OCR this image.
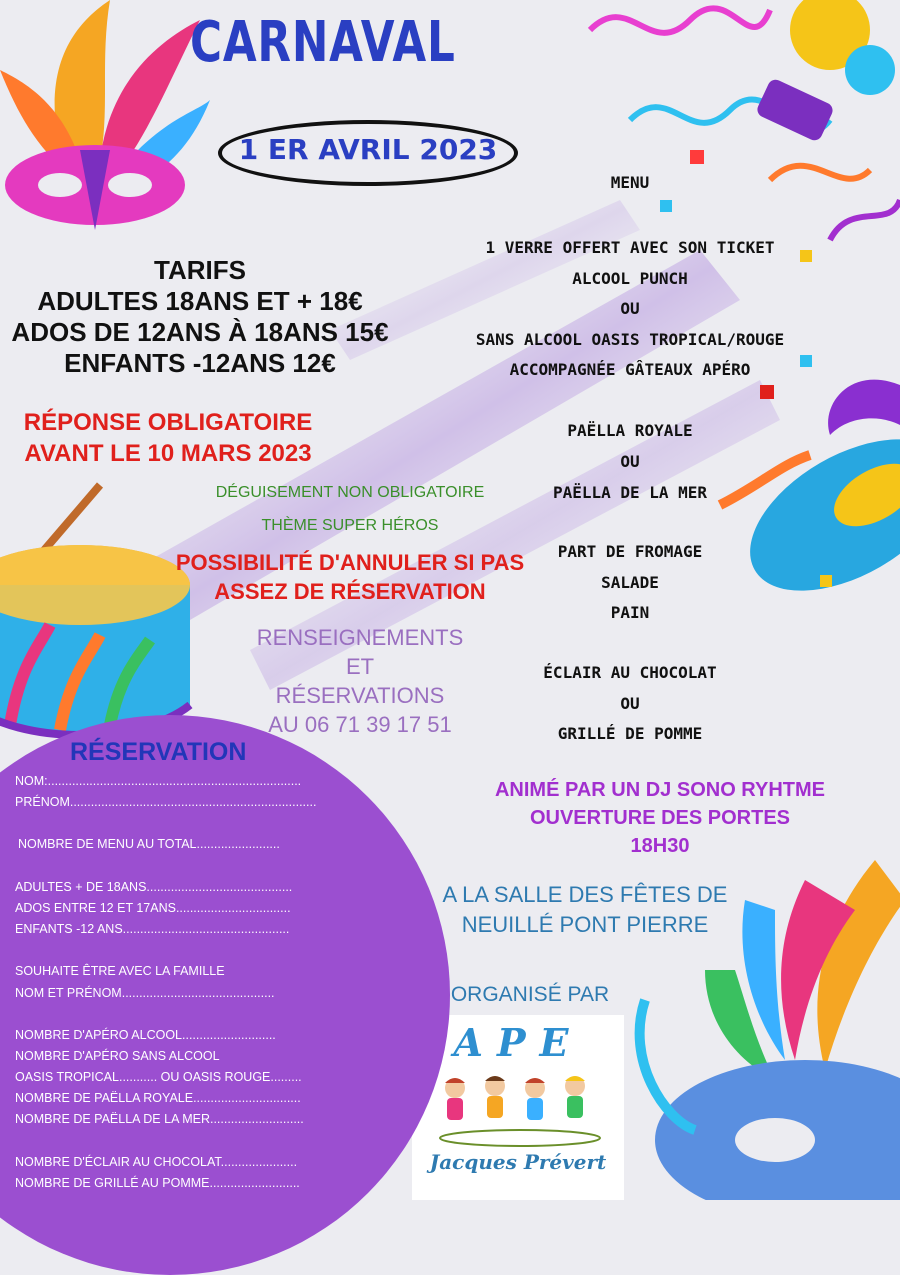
CARNAVAL
1 ER AVRIL 2023
TARIFS
ADULTES 18ANS ET + 18€
ADOS DE 12ANS À 18ANS 15€
ENFANTS -12ANS 12€
RÉPONSE OBLIGATOIRE
AVANT LE 10 MARS 2023
DÉGUISEMENT NON OBLIGATOIRE
THÈME SUPER HÉROS
POSSIBILITÉ D'ANNULER SI PAS
ASSEZ DE RÉSERVATION
RENSEIGNEMENTS
ET
RÉSERVATIONS
AU 06 71 39 17 51
MENU
1 VERRE OFFERT AVEC SON TICKET
ALCOOL PUNCH
OU
SANS ALCOOL OASIS TROPICAL/ROUGE
ACCOMPAGNÉE GÂTEAUX APÉRO
PAËLLA ROYALE
OU
PAËLLA DE LA MER
PART DE FROMAGE
SALADE
PAIN
ÉCLAIR AU CHOCOLAT
OU
GRILLÉ DE POMME
ANIMÉ PAR UN DJ SONO RYHTME
OUVERTURE DES PORTES
18H30
A LA SALLE DES FÊTES DE
NEUILLÉ PONT PIERRE
ORGANISÉ PAR
APE
Jacques Prévert
RÉSERVATION
NOM:.........................................................................
PRÉNOM.......................................................................
NOMBRE DE MENU AU TOTAL........................
ADULTES + DE 18ANS..........................................
ADOS ENTRE 12 ET 17ANS.................................
ENFANTS -12 ANS................................................
SOUHAITE ÊTRE AVEC LA FAMILLE
NOM ET PRÉNOM............................................
NOMBRE D'APÉRO ALCOOL...........................
NOMBRE D'APÉRO SANS ALCOOL
OASIS TROPICAL........... OU OASIS ROUGE.........
NOMBRE DE PAËLLA ROYALE...............................
NOMBRE DE PAËLLA DE LA MER...........................
NOMBRE D'ÉCLAIR AU CHOCOLAT......................
NOMBRE DE GRILLÉ AU POMME..........................
